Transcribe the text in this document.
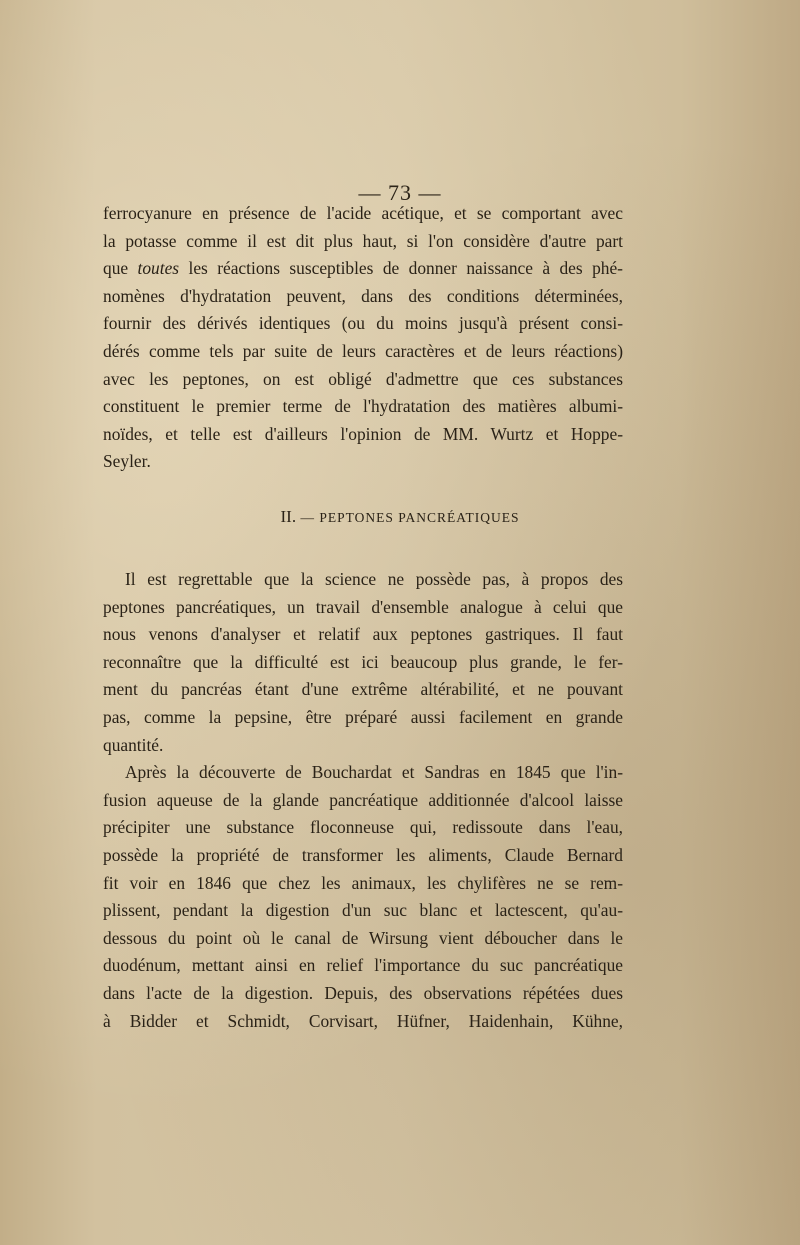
— 73 —
ferrocyanure en présence de l'acide acétique, et se comportant avec
la potasse comme il est dit plus haut, si l'on considère d'autre part
que toutes les réactions susceptibles de donner naissance à des phé-
nomènes d'hydratation peuvent, dans des conditions déterminées,
fournir des dérivés identiques (ou du moins jusqu'à présent consi-
dérés comme tels par suite de leurs caractères et de leurs réactions)
avec les peptones, on est obligé d'admettre que ces substances
constituent le premier terme de l'hydratation des matières albumi-
noïdes, et telle est d'ailleurs l'opinion de MM. Wurtz et Hoppe-
Seyler.
II. — PEPTONES PANCRÉATIQUES
Il est regrettable que la science ne possède pas, à propos des
peptones pancréatiques, un travail d'ensemble analogue à celui que
nous venons d'analyser et relatif aux peptones gastriques. Il faut
reconnaître que la difficulté est ici beaucoup plus grande, le fer-
ment du pancréas étant d'une extrême altérabilité, et ne pouvant
pas, comme la pepsine, être préparé aussi facilement en grande
quantité.
Après la découverte de Bouchardat et Sandras en 1845 que l'in-
fusion aqueuse de la glande pancréatique additionnée d'alcool laisse
précipiter une substance floconneuse qui, redissoute dans l'eau,
possède la propriété de transformer les aliments, Claude Bernard
fit voir en 1846 que chez les animaux, les chylifères ne se rem-
plissent, pendant la digestion d'un suc blanc et lactescent, qu'au-
dessous du point où le canal de Wirsung vient déboucher dans le
duodénum, mettant ainsi en relief l'importance du suc pancréatique
dans l'acte de la digestion. Depuis, des observations répétées dues
à Bidder et Schmidt, Corvisart, Hüfner, Haidenhain, Kühne,
